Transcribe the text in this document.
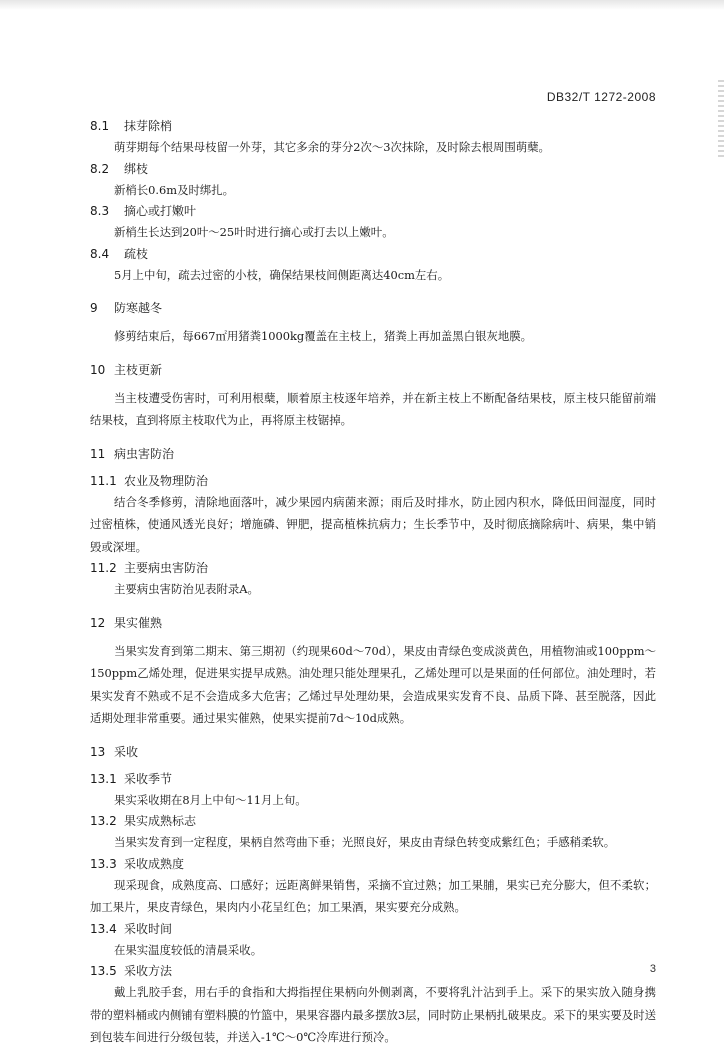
DB32/T 1272-2008
8.1 抹芽除梢

萌芽期每个结果母枝留一外芽，其它多余的芽分2次～3次抹除，及时除去根周围萌蘖。

8.2 绑枝

新梢长0.6m及时绑扎。

8.3 摘心或打嫩叶

新梢生长达到20叶～25叶时进行摘心或打去以上嫩叶。

8.4 疏枝

5月上中旬，疏去过密的小枝，确保结果枝间侧距离达40cm左右。

9 防寒越冬

修剪结束后，每667㎡用猪粪1000kg覆盖在主枝上，猪粪上再加盖黑白银灰地膜。

10 主枝更新

当主枝遭受伤害时，可利用根蘖，顺着原主枝逐年培养，并在新主枝上不断配备结果枝，原主枝只能留前端结果枝，直到将原主枝取代为止，再将原主枝锯掉。

11 病虫害防治
11.1 农业及物理防治

结合冬季修剪，清除地面落叶，减少果园内病菌来源；雨后及时排水，防止园内积水，降低田间湿度，同时过密植株，使通风透光良好；增施磷、钾肥，提高植株抗病力；生长季节中，及时彻底摘除病叶、病果，集中销毁或深埋。

11.2 主要病虫害防治

主要病虫害防治见表附录A。

12 果实催熟

当果实发育到第二期末、第三期初（约现果60d～70d），果皮由青绿色变成淡黄色，用植物油或100ppm～150ppm乙烯处理，促进果实提早成熟。油处理只能处理果孔，乙烯处理可以是果面的任何部位。油处理时，若果实发育不熟或不足不会造成多大危害；乙烯过早处理幼果，会造成果实发育不良、品质下降、甚至脱落，因此适期处理非常重要。通过果实催熟，使果实提前7d～10d成熟。

13 采收
13.1 采收季节

果实采收期在8月上中旬～11月上旬。

13.2 果实成熟标志

当果实发育到一定程度，果柄自然弯曲下垂；光照良好，果皮由青绿色转变成紫红色；手感稍柔软。

13.3 采收成熟度

现采现食，成熟度高、口感好；远距离鲜果销售，采摘不宜过熟；加工果脯，果实已充分膨大，但不柔软；加工果片，果皮青绿色，果肉内小花呈红色；加工果酒，果实要充分成熟。

13.4 采收时间

在果实温度较低的清晨采收。

13.5 采收方法

戴上乳胶手套，用右手的食指和大拇指捏住果柄向外侧剥离，不要将乳汁沾到手上。采下的果实放入随身携带的塑料桶或内侧铺有塑料膜的竹篮中，果果容器内最多摆放3层，同时防止果柄扎破果皮。采下的果实要及时送到包装车间进行分级包装，并送入-1℃～0℃冷库进行预冷。

3
